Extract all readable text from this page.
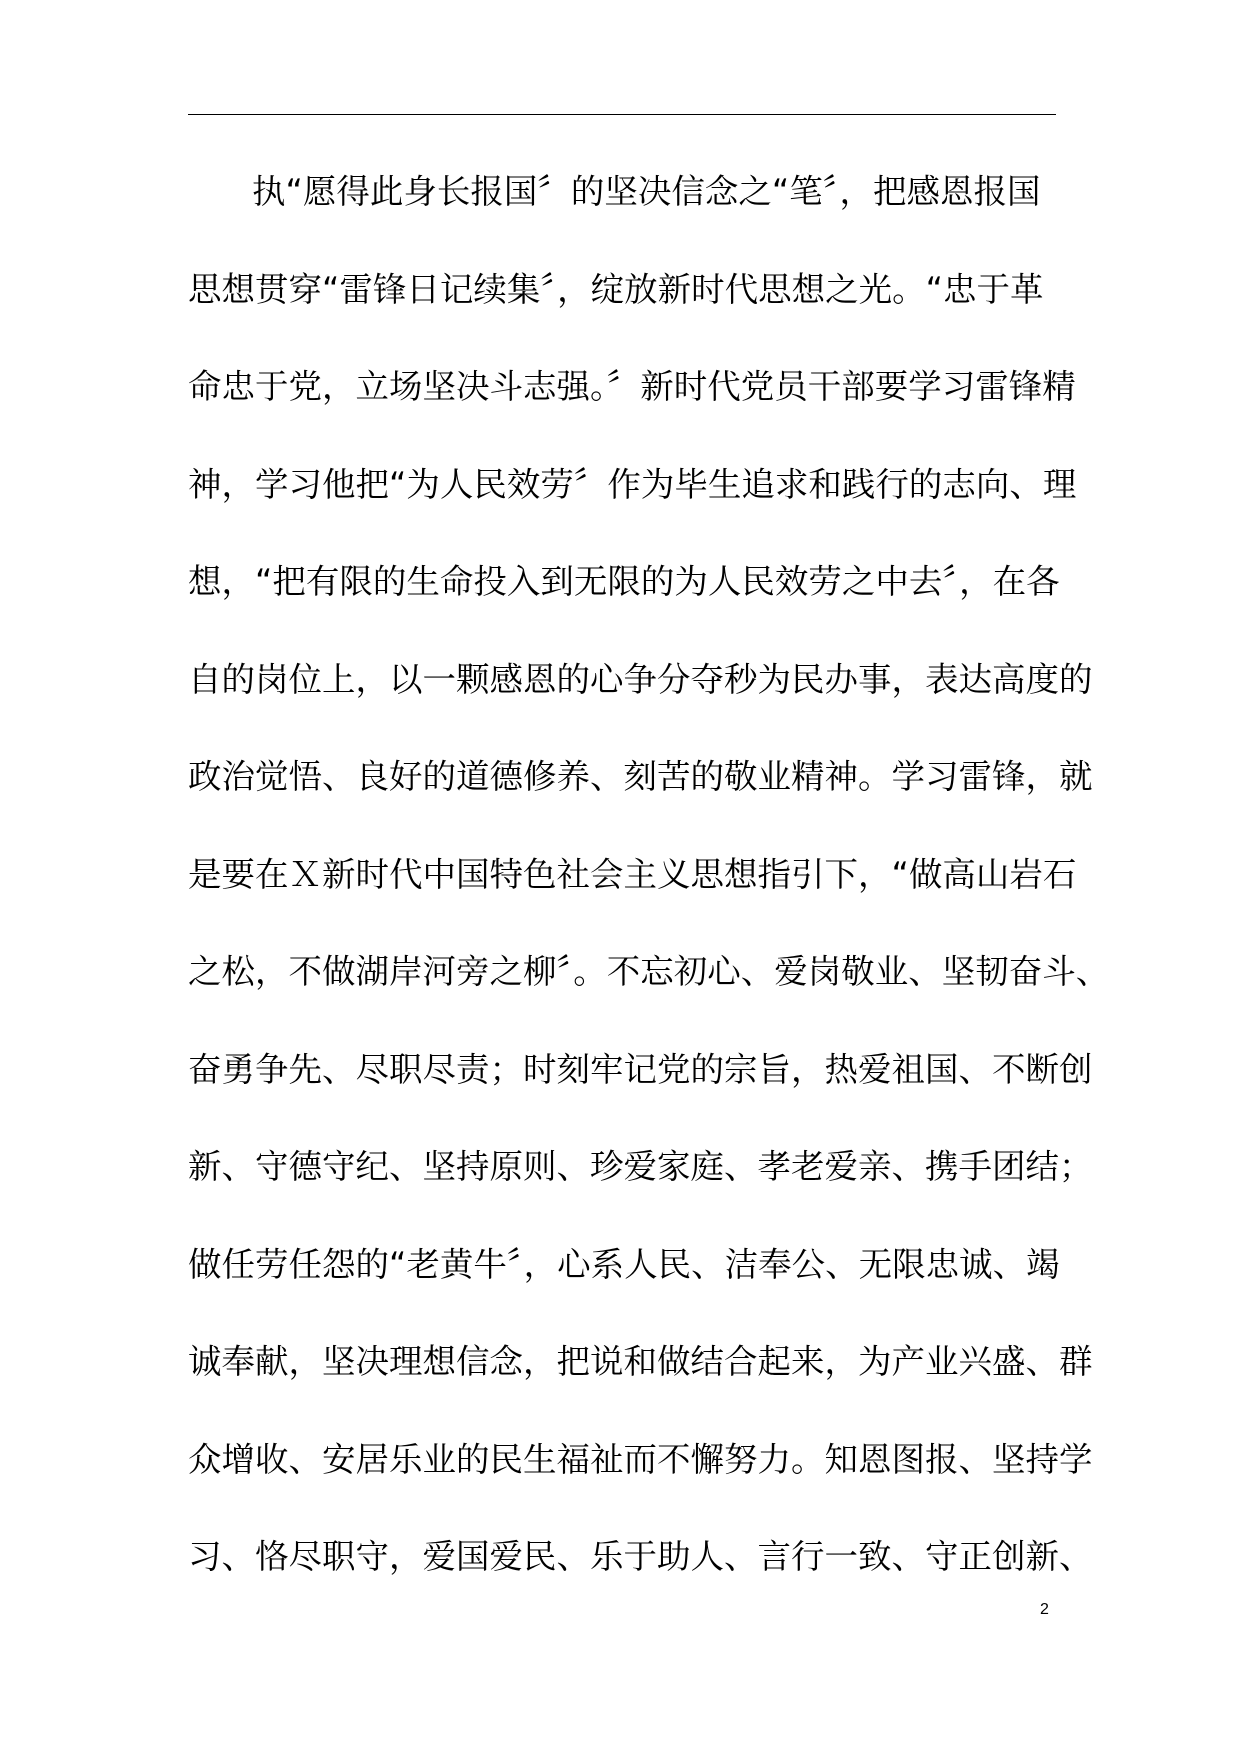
执“愿得此身长报国〞的坚决信念之“笔〞，把感恩报国
思想贯穿“雷锋日记续集〞，绽放新时代思想之光。“忠于革
命忠于党，立场坚决斗志强。〞新时代党员干部要学习雷锋精
神，学习他把“为人民效劳〞作为毕生追求和践行的志向、理
想，“把有限的生命投入到无限的为人民效劳之中去〞，在各
自的岗位上，以一颗感恩的心争分夺秒为民办事，表达高度的
政治觉悟、良好的道德修养、刻苦的敬业精神。学习雷锋，就
是要在Ｘ新时代中国特色社会主义思想指引下，“做高山岩石
之松，不做湖岸河旁之柳〞。不忘初心、爱岗敬业、坚韧奋斗、
奋勇争先、尽职尽责；时刻牢记党的宗旨，热爱祖国、不断创
新、守德守纪、坚持原则、珍爱家庭、孝老爱亲、携手团结；
做任劳任怨的“老黄牛〞，心系人民、洁奉公、无限忠诚、竭
诚奉献，坚决理想信念，把说和做结合起来，为产业兴盛、群
众增收、安居乐业的民生福祉而不懈努力。知恩图报、坚持学
习、恪尽职守，爱国爱民、乐于助人、言行一致、守正创新、
2
